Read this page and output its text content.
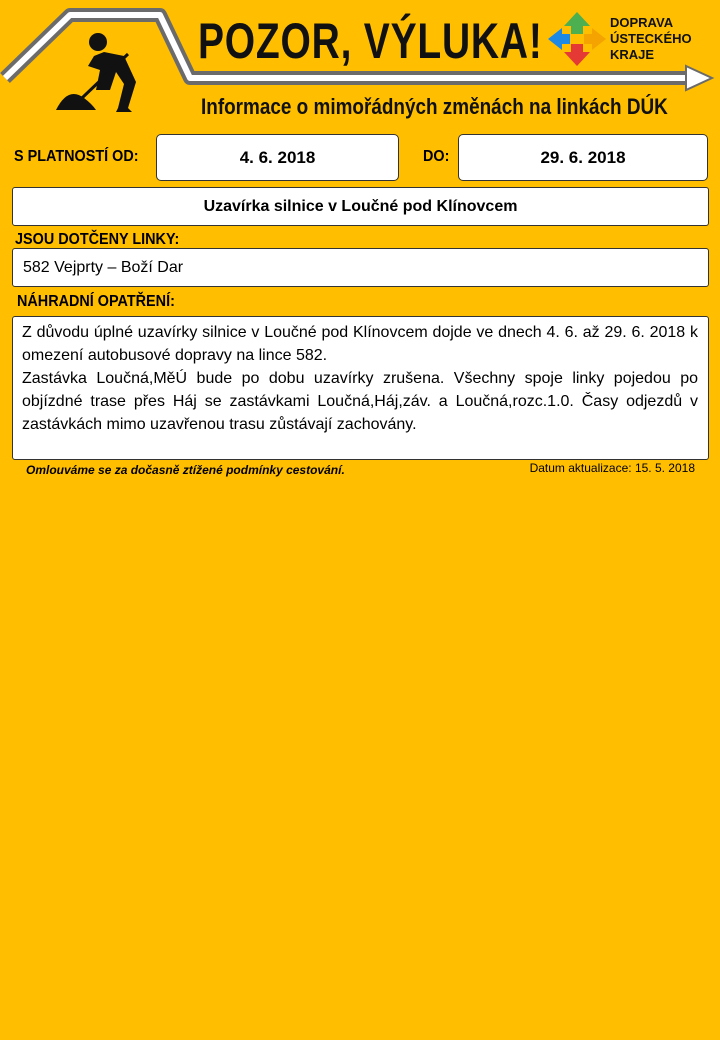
POZOR, VÝLUKA!
Informace o mimořádných změnách na linkách DÚK
DOPRAVA
ÚSTECKÉHO
KRAJE
S PLATNOSTÍ OD:	4. 6. 2018	DO:	29. 6. 2018
Uzavírka silnice v Loučné pod Klínovcem
JSOU DOTČENY LINKY:
582 Vejprty – Boží Dar
NÁHRADNÍ OPATŘENÍ:

Z důvodu úplné uzavírky silnice v Loučné pod Klínovcem dojde ve dnech 4. 6. až 29. 6. 2018 k omezení autobusové dopravy na lince 582.

Zastávka Loučná,MěÚ bude po dobu uzavírky zrušena. Všechny spoje linky pojedou po objízdné trase přes Háj se zastávkami Loučná,Háj,záv. a Loučná,rozc.1.0. Časy odjezdů v zastávkách mimo uzavřenou trasu zůstávají zachovány.

Omlouváme se za dočasně ztížené podmínky cestování.	Datum aktualizace: 15. 5. 2018
